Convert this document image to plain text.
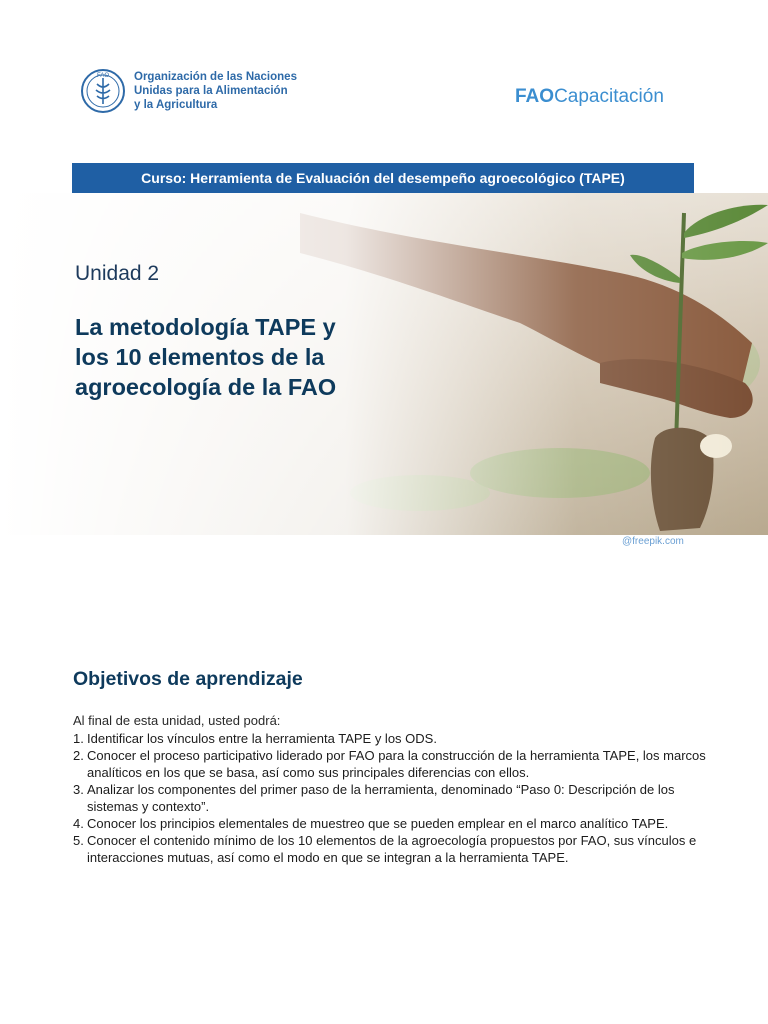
FAO Organización de las Naciones
Unidas para la Alimentación
y la Agricultura	FAOCapacitación
Curso: Herramienta de Evaluación del desempeño agroecológico (TAPE)
Unidad 2
La metodología TAPE y
los 10 elementos de la
agroecología de la FAO
@freepik.com
Objetivos de aprendizaje
Al final de esta unidad, usted podrá:
1. Identificar los vínculos entre la herramienta TAPE y los ODS.
2. Conocer el proceso participativo liderado por FAO para la construcción de la herramienta TAPE, los marcos analíticos en los que se basa, así como sus principales diferencias con ellos.
3. Analizar los componentes del primer paso de la herramienta, denominado “Paso 0: Descripción de los sistemas y contexto”.
4. Conocer los principios elementales de muestreo que se pueden emplear en el marco analítico TAPE.
5. Conocer el contenido mínimo de los 10 elementos de la agroecología propuestos por FAO, sus vínculos e interacciones mutuas, así como el modo en que se integran a la herramienta TAPE.
